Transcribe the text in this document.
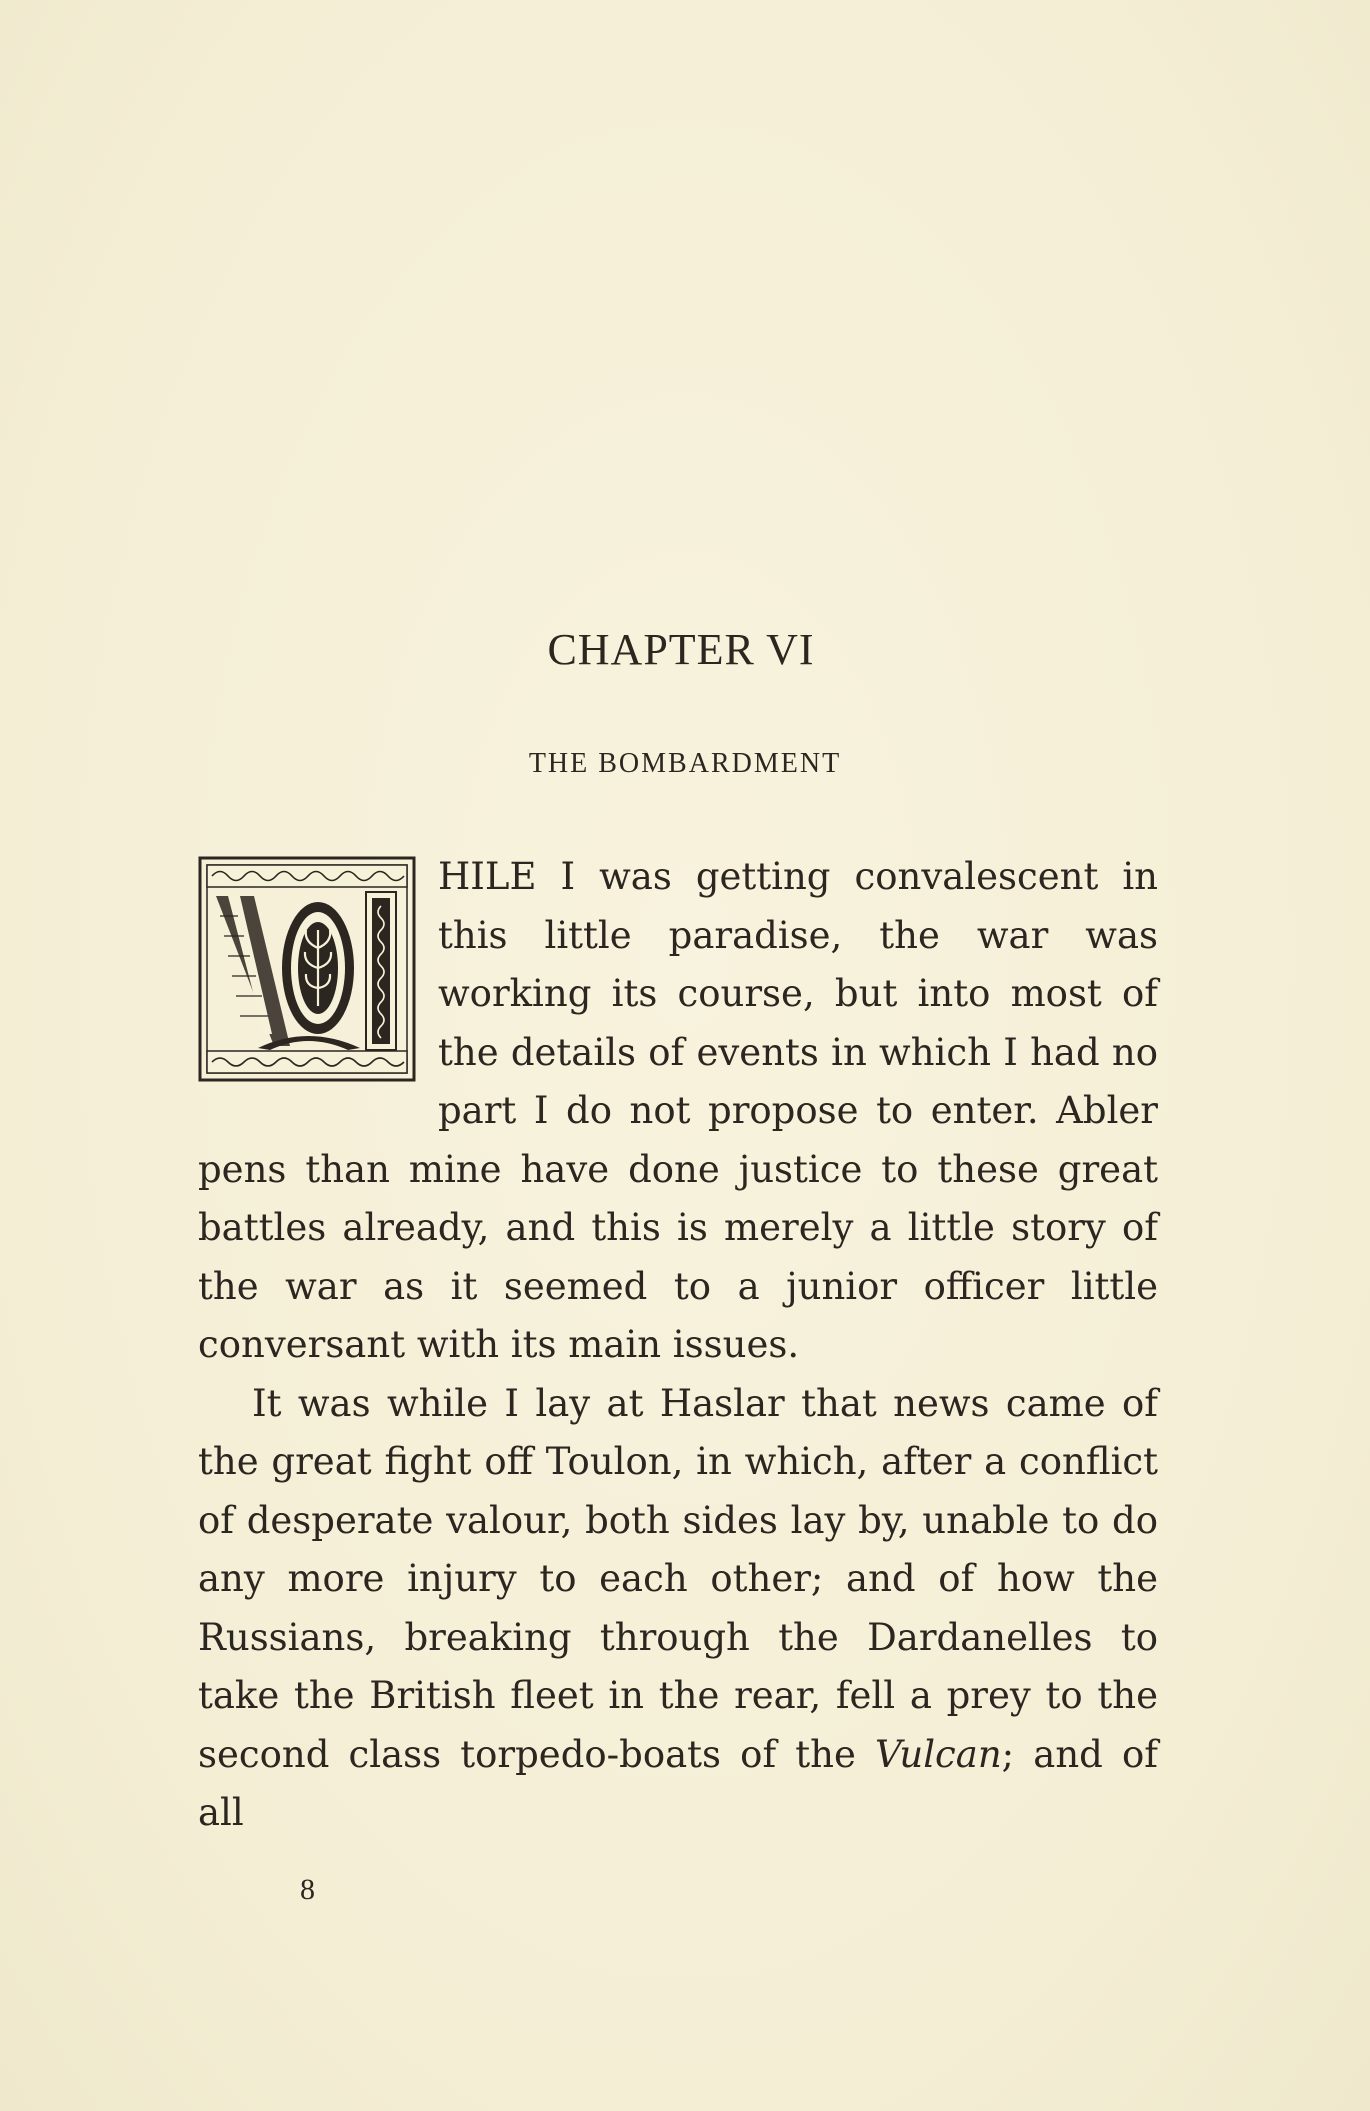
CHAPTER VI
THE BOMBARDMENT

HILE I was getting convalescent in this little paradise, the war was working its course, but into most of the details of events in which I had no part I do not propose to enter. Abler pens than mine have done justice to these great battles already, and this is merely a little story of the war as it seemed to a junior officer little conversant with its main issues.

It was while I lay at Haslar that news came of the great fight off Toulon, in which, after a conflict of desperate valour, both sides lay by, unable to do any more injury to each other; and of how the Russians, breaking through the Dardanelles to take the British fleet in the rear, fell a prey to the second class torpedo-boats of the Vulcan; and of all

8
